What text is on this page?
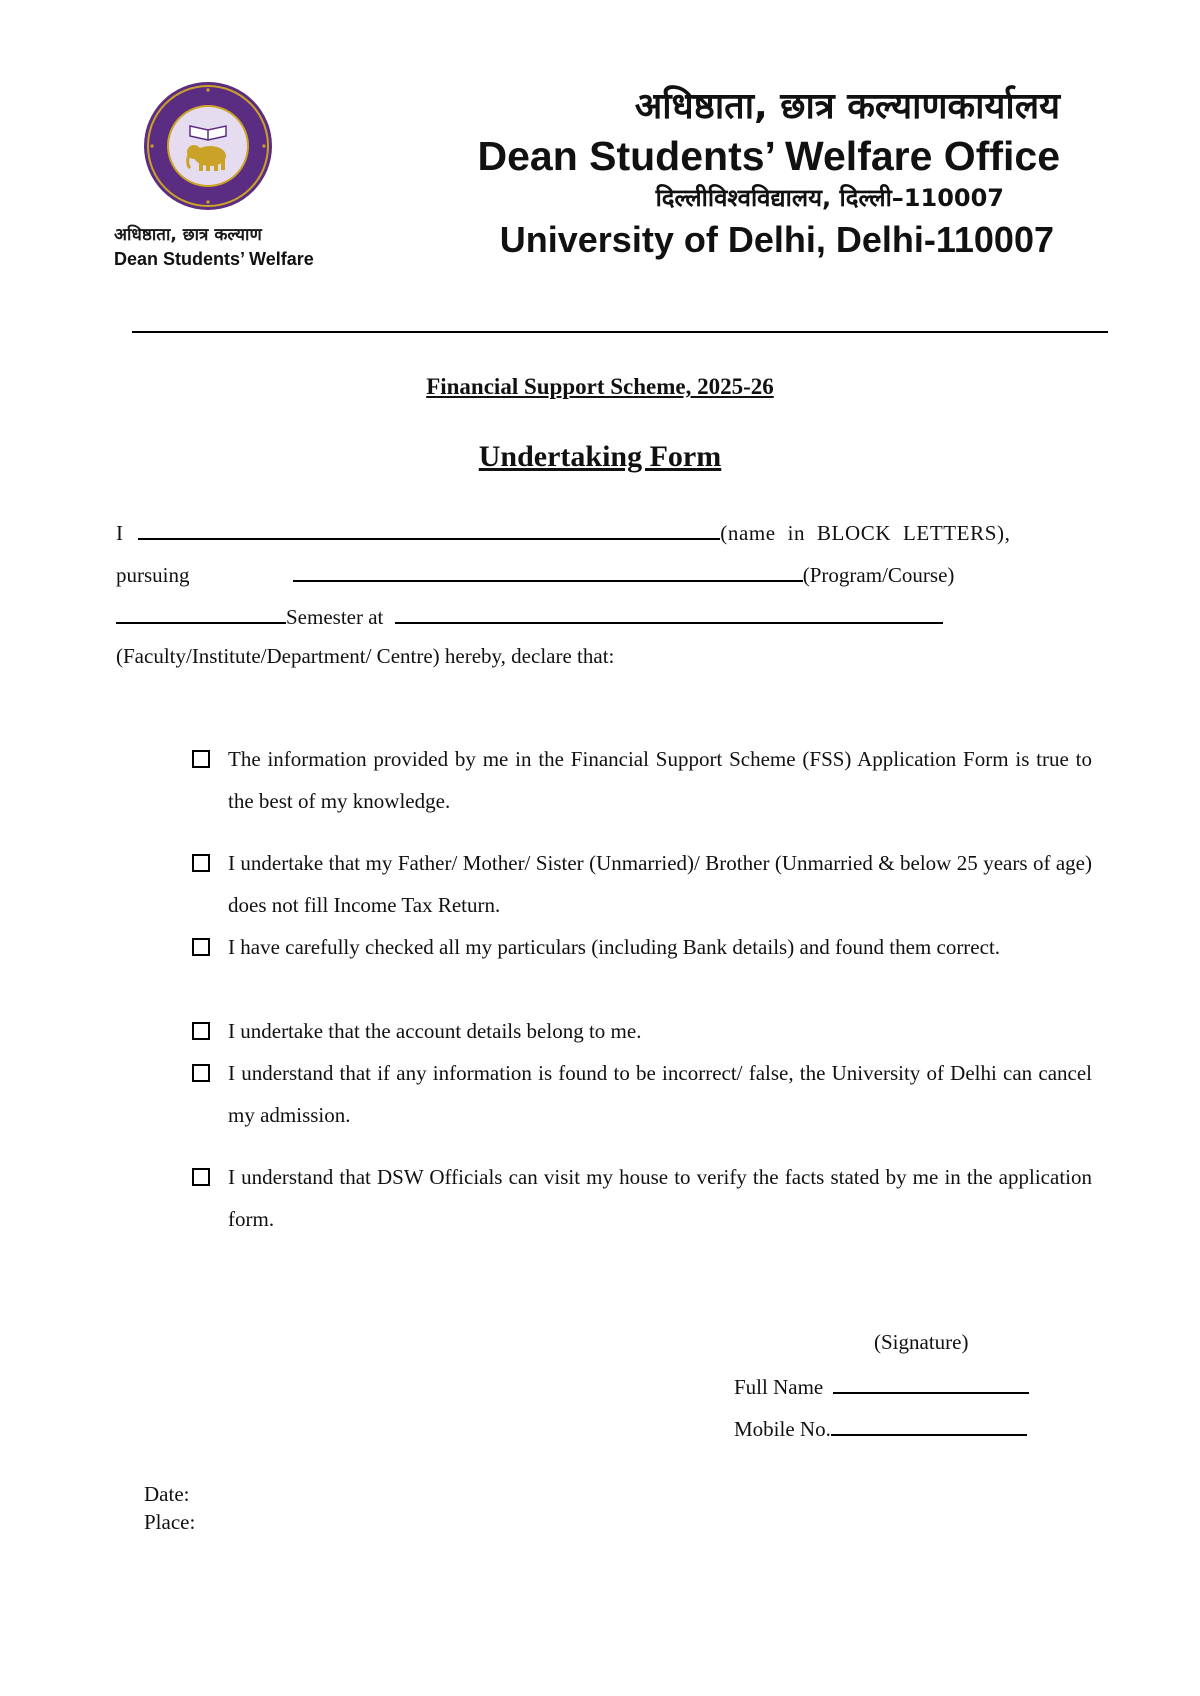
अधिष्ठाता, छात्र कल्याण
Dean Students’ Welfare
अधिष्ठाता, छात्र कल्याणकार्यालय
Dean Students’ Welfare Office
दिल्लीविश्वविद्यालय, दिल्ली–110007
University of Delhi, Delhi-110007
Financial Support Scheme, 2025-26
Undertaking Form
I	(name in BLOCK LETTERS),
pursuing	(Program/Course)
Semester at
(Faculty/Institute/Department/ Centre) hereby, declare that:
The information provided by me in the Financial Support Scheme (FSS) Application Form is true to the best of my knowledge.
I undertake that my Father/ Mother/ Sister (Unmarried)/ Brother (Unmarried & below 25 years of age) does not fill Income Tax Return.
I have carefully checked all my particulars (including Bank details) and found them correct.
I undertake that the account details belong to me.
I understand that if any information is found to be incorrect/ false, the University of Delhi can cancel my admission.
I understand that DSW Officials can visit my house to verify the facts stated by me in the application form.
(Signature)
Full Name
Mobile No.
Date:
Place:
